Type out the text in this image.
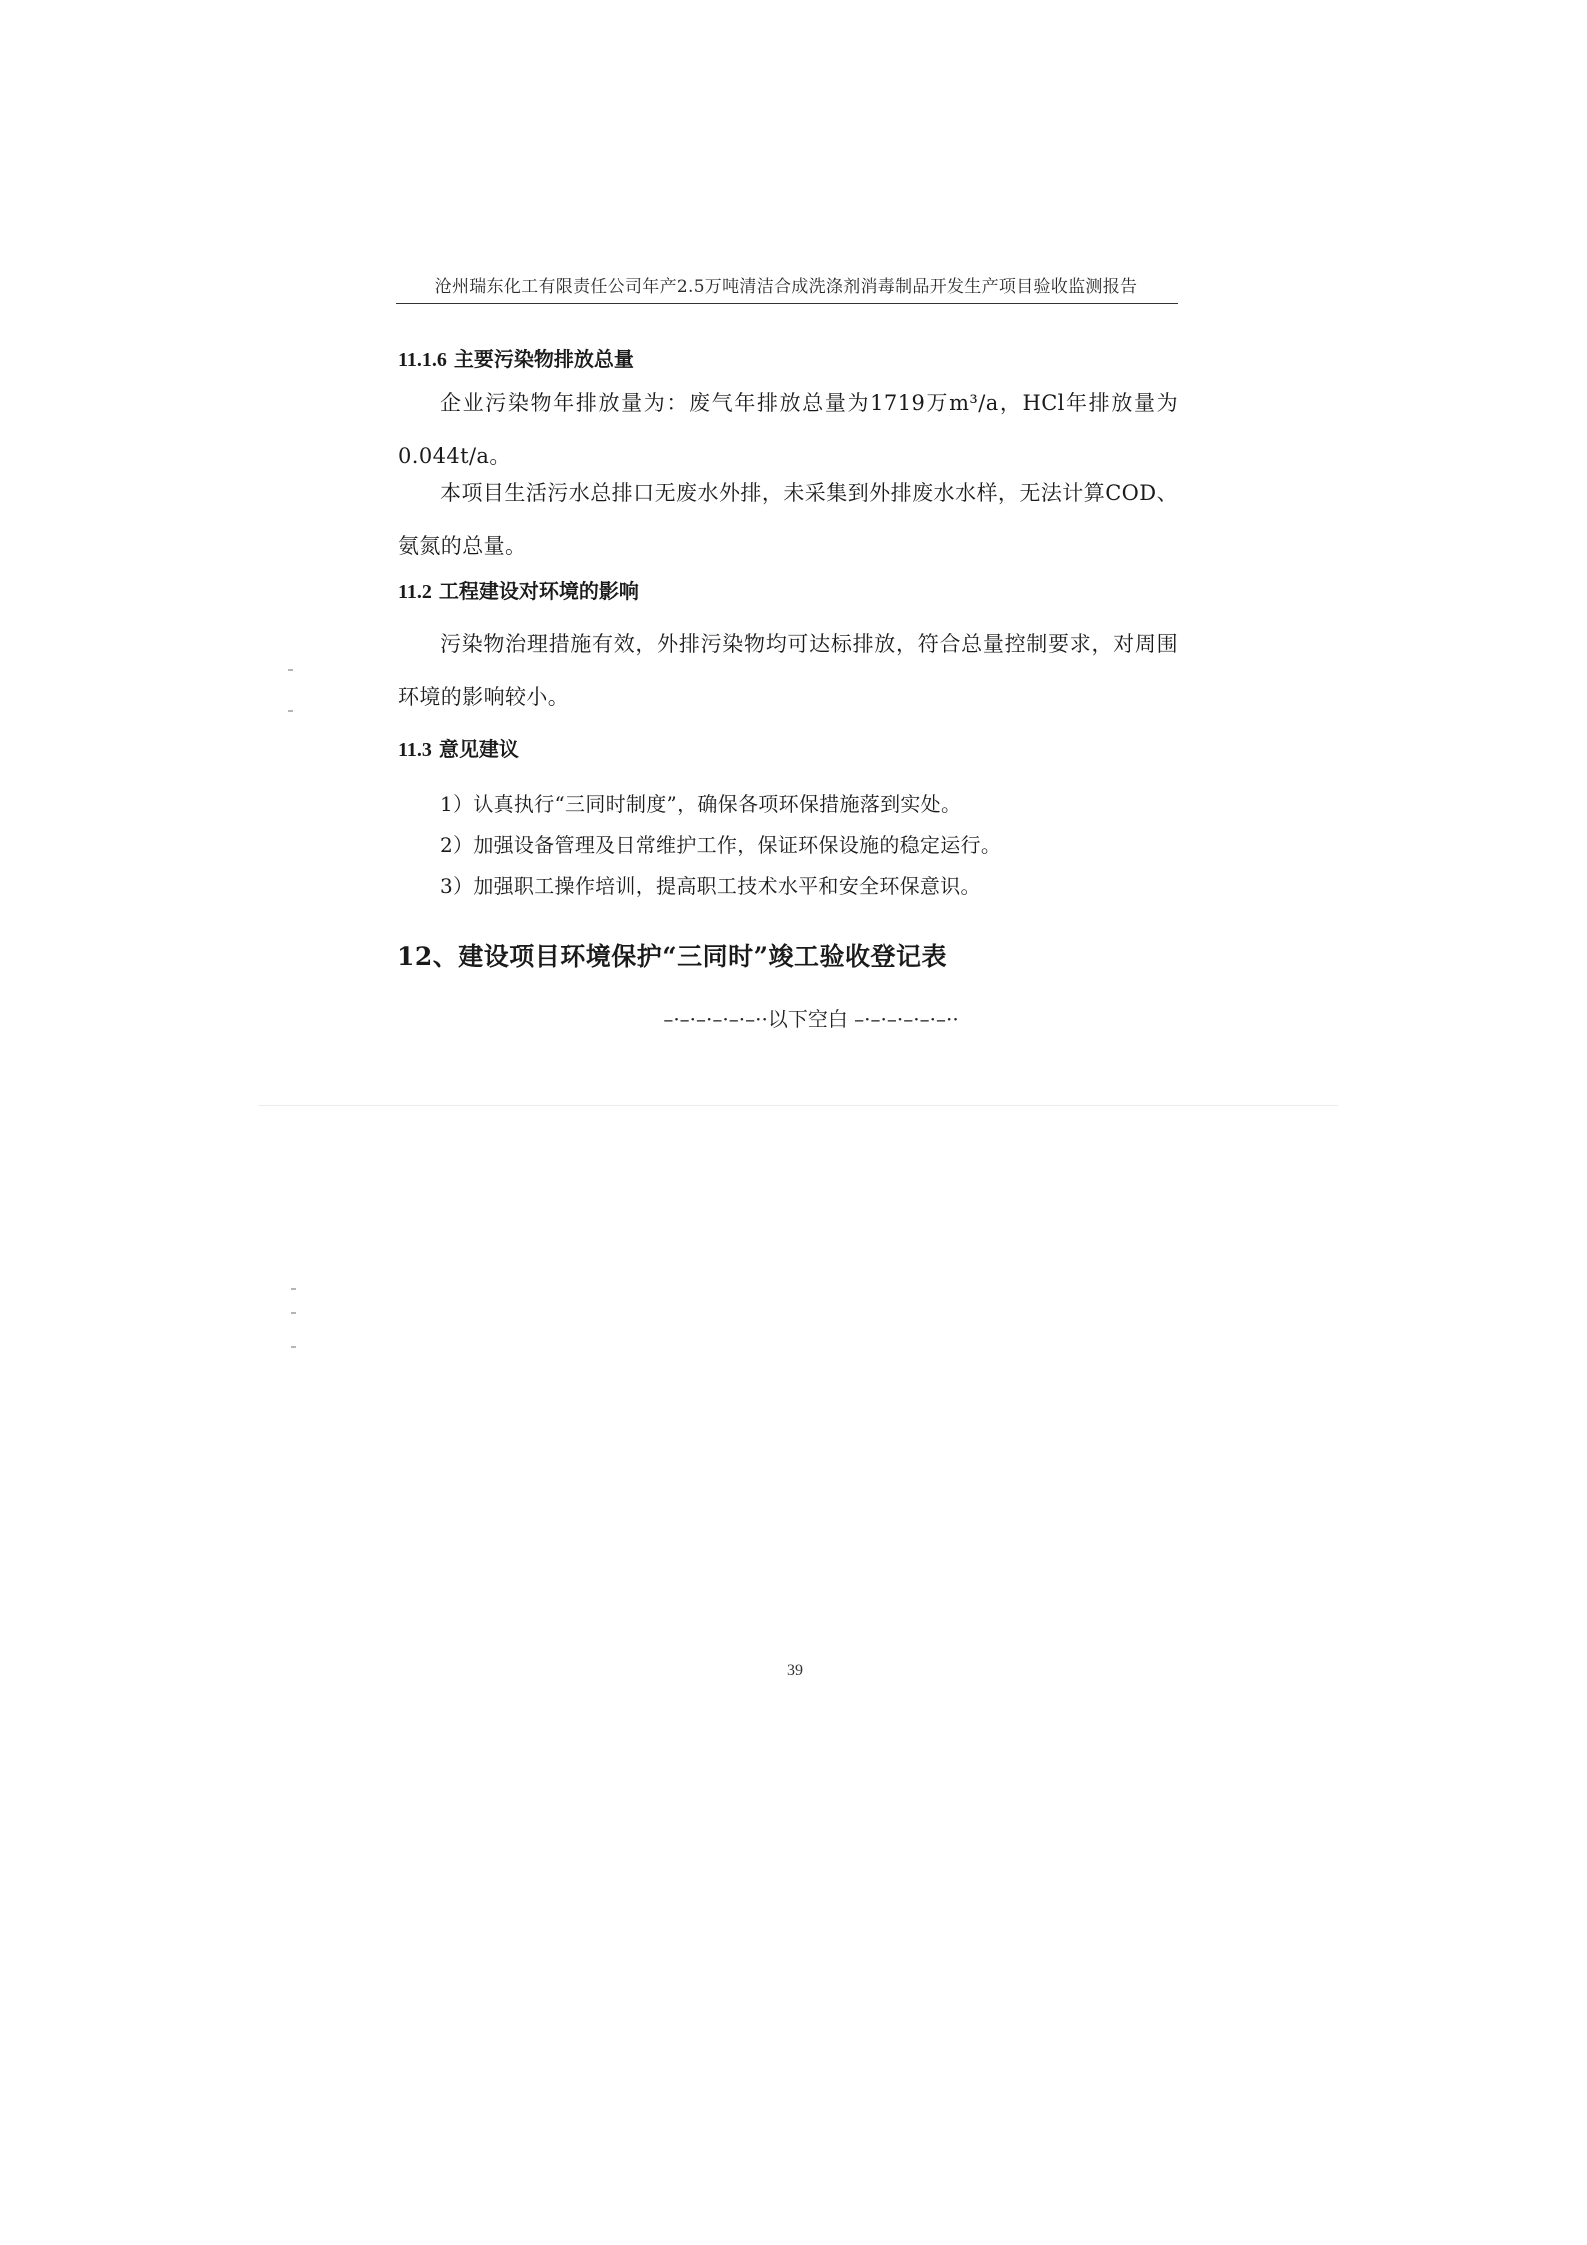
沧州瑞东化工有限责任公司年产2.5万吨清洁合成洗涤剂消毒制品开发生产项目验收监测报告
11.1.6 主要污染物排放总量
企业污染物年排放量为：废气年排放总量为1719万m³/a，HCl年排放量为0.044t/a。
本项目生活污水总排口无废水外排，未采集到外排废水水样，无法计算COD、氨氮的总量。
11.2 工程建设对环境的影响
污染物治理措施有效，外排污染物均可达标排放，符合总量控制要求，对周围环境的影响较小。
11.3 意见建议
1）认真执行“三同时制度”，确保各项环保措施落到实处。
2）加强设备管理及日常维护工作，保证环保设施的稳定运行。
3）加强职工操作培训，提高职工技术水平和安全环保意识。
12、建设项目环境保护“三同时”竣工验收登记表
–·–·–·–·–·–··以下空白 –·–·–·–·–·–··
39
